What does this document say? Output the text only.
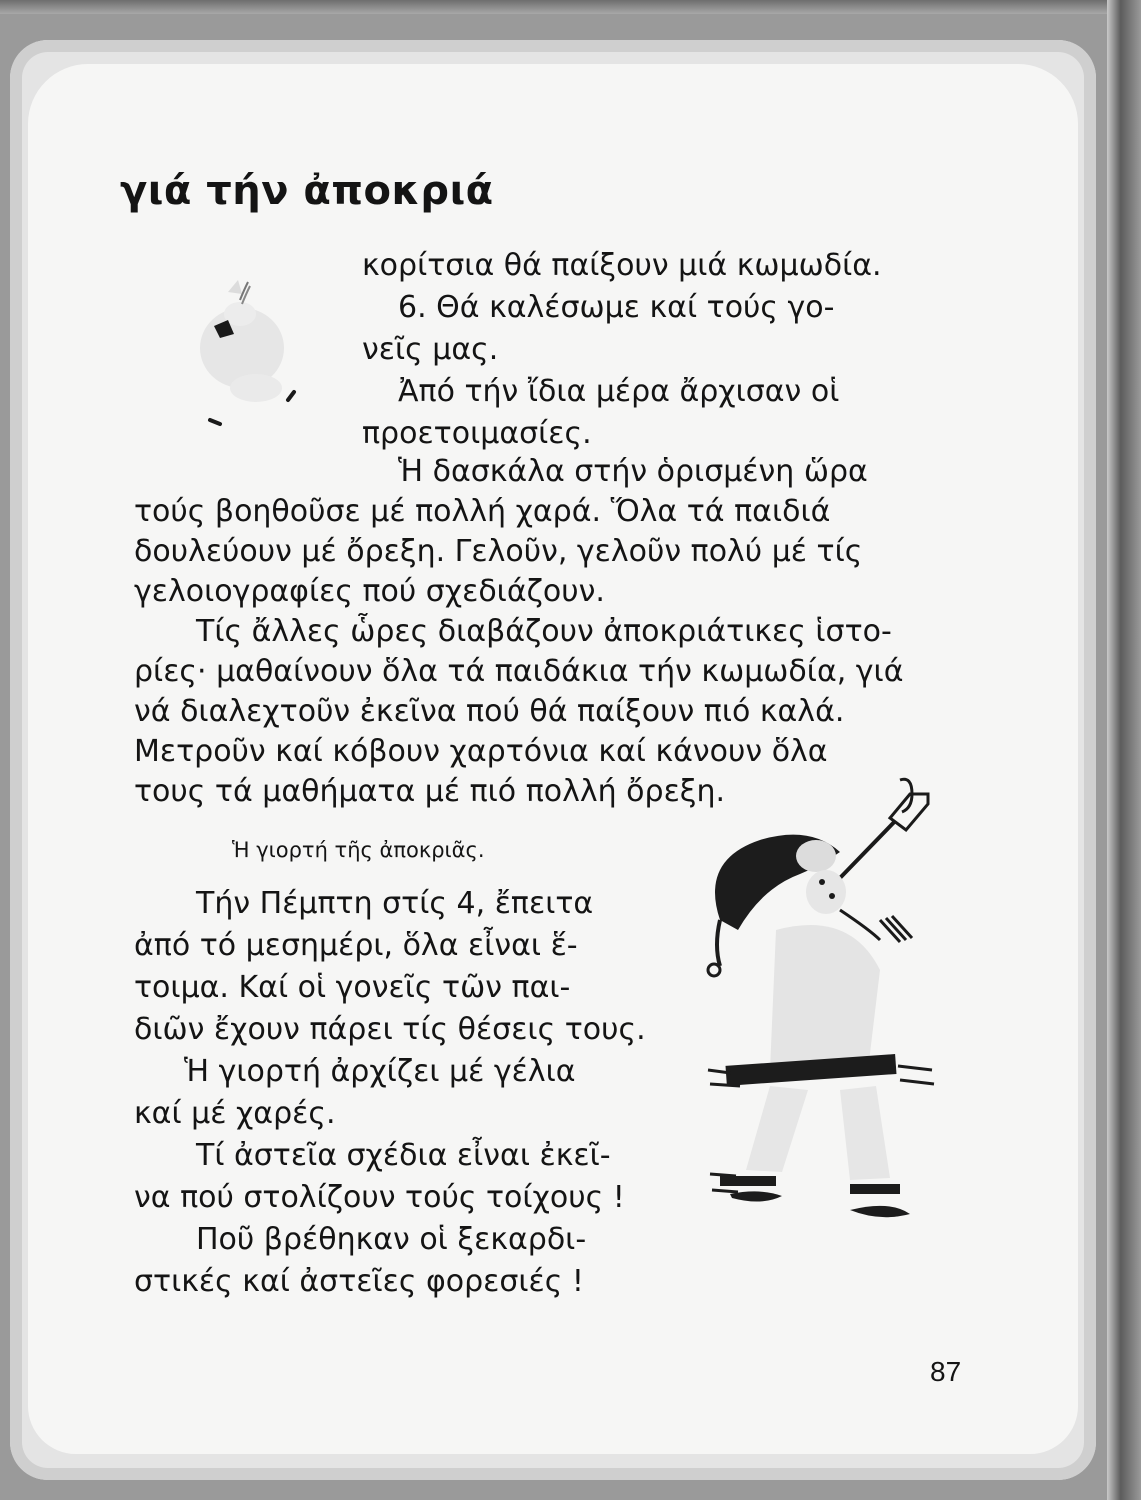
γιά τήν ἀποκριά

κορίτσια θά παίξουν μιά κωμωδία.

6. Θά καλέσωμε καί τούς γο-

νεῖς μας.

Ἀπό τήν ἴδια μέρα ἄρχισαν οἱ

προετοιμασίες.

Ἡ δασκάλα στήν ὁρισμένη ὥρα

τούς βοηθοῦσε μέ πολλή χαρά. Ὅλα τά παιδιά

δουλεύουν μέ ὄρεξη. Γελοῦν, γελοῦν πολύ μέ τίς

γελοιογραφίες πού σχεδιάζουν.

Τίς ἄλλες ὧρες διαβάζουν ἀποκριάτικες ἱστο-

ρίες· μαθαίνουν ὅλα τά παιδάκια τήν κωμωδία, γιά

νά διαλεχτοῦν ἐκεῖνα πού θά παίξουν πιό καλά.

Μετροῦν καί κόβουν χαρτόνια καί κάνουν ὅλα

τους τά μαθήματα μέ πιό πολλή ὄρεξη.

Ἡ γιορτή τῆς ἀποκριᾶς.

Τήν Πέμπτη στίς 4, ἔπειτα

ἀπό τό μεσημέρι, ὅλα εἶναι ἕ-

τοιμα. Καί οἱ γονεῖς τῶν παι-

διῶν ἔχουν πάρει τίς θέσεις τους.

Ἡ γιορτή ἀρχίζει μέ γέλια

καί μέ χαρές.

Τί ἀστεῖα σχέδια εἶναι ἐκεῖ-

να πού στολίζουν τούς τοίχους !

Ποῦ βρέθηκαν οἱ ξεκαρδι-

στικές καί ἀστεῖες φορεσιές !

87
